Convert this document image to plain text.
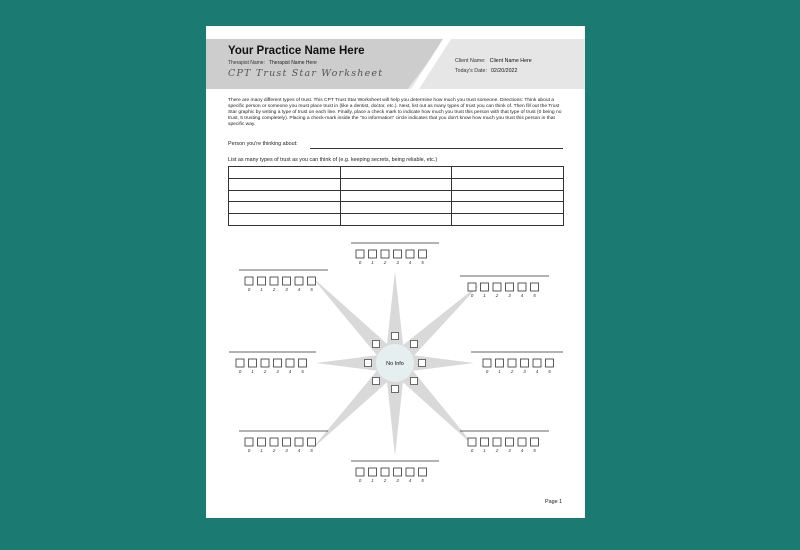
Your Practice Name Here
Therapist Name: Therapist Name Here
CPT Trust Star Worksheet
Client Name: Client Name Here
Today's Date: 02/20/2022
There are many different types of trust. This CPT Trust Star Worksheet will help you determine how much you trust someone. Directions: Think about a specific person or someone you must place trust in (like a dentist, doctor, etc.). Next, list out as many types of trust you can think of. Then fill out the Trust Star graphic by writing a type of trust on each line. Finally, place a check mark to indicate how much you trust this person with that type of trust (0 being no trust, 5 trusting completely). Placing a check-mark inside the "no information" circle indicates that you don't know how much you trust this person in that specific way.
Person you're thinking about:
List as many types of trust as you can think of (e.g. keeping secrets, being reliable, etc.)

No Info
0 1 2 3 4 5
0 1 2 3 4 5
0 1 2 3 4 5
0 1 2 3 4 5
0 1 2 3 4 5
0 1 2 3 4 5
0 1 2 3 4 5
0 1 2 3 4 5
Page 1
